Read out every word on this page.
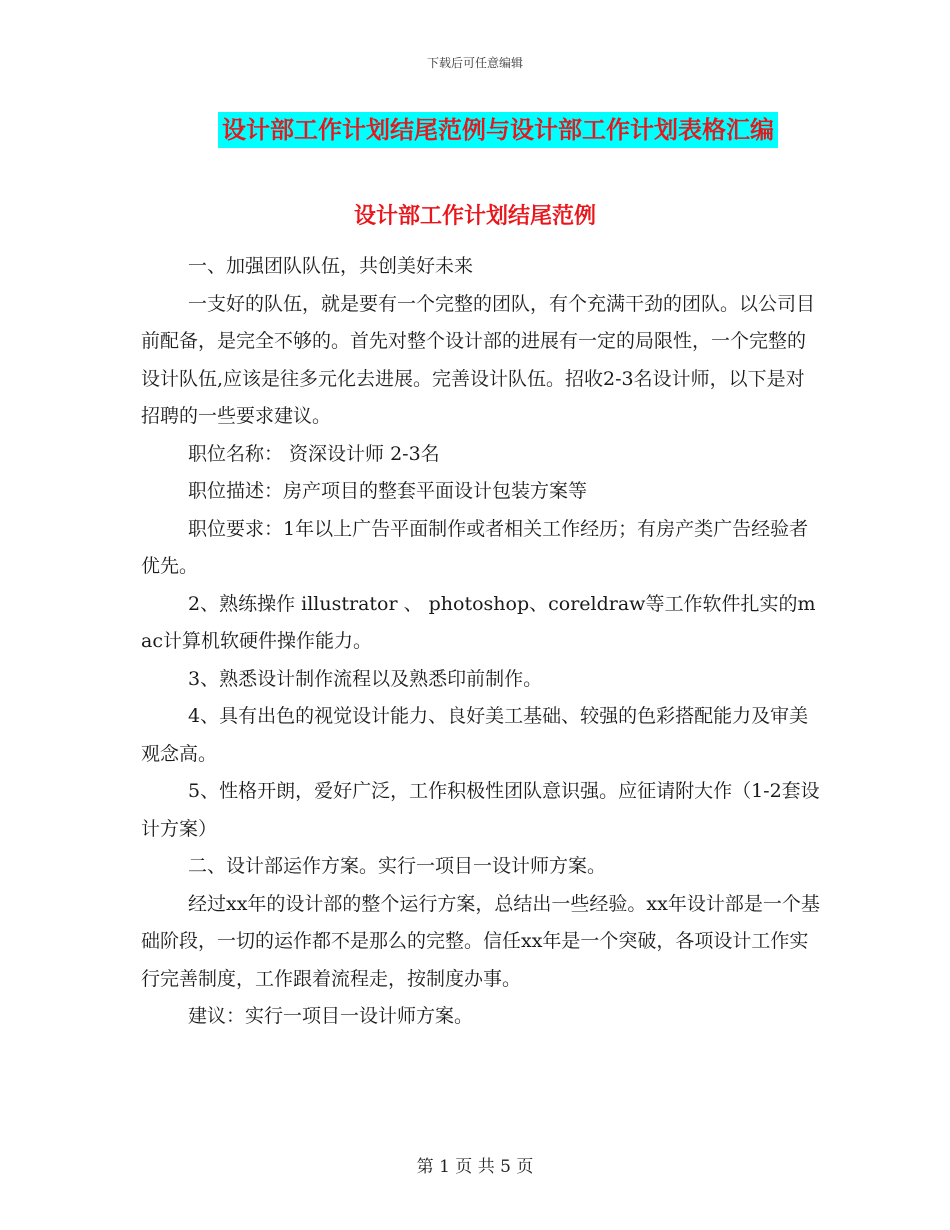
下载后可任意编辑
设计部工作计划结尾范例与设计部工作计划表格汇编
设计部工作计划结尾范例

一、加强团队队伍，共创美好未来

一支好的队伍，就是要有一个完整的团队，有个充满干劲的团队。以公司目前配备，是完全不够的。首先对整个设计部的进展有一定的局限性，一个完整的设计队伍,应该是往多元化去进展。完善设计队伍。招收2-3名设计师，以下是对招聘的一些要求建议。

职位名称： 资深设计师 2-3名

职位描述：房产项目的整套平面设计包装方案等

职位要求：1年以上广告平面制作或者相关工作经历；有房产类广告经验者优先。

2、熟练操作 illustrator 、 photoshop、coreldraw等工作软件扎实的mac计算机软硬件操作能力。

3、熟悉设计制作流程以及熟悉印前制作。

4、具有出色的视觉设计能力、良好美工基础、较强的色彩搭配能力及审美观念高。

5、性格开朗，爱好广泛，工作积极性团队意识强。应征请附大作（1-2套设计方案）

二、设计部运作方案。实行一项目一设计师方案。

经过xx年的设计部的整个运行方案，总结出一些经验。xx年设计部是一个基础阶段，一切的运作都不是那么的完整。信任xx年是一个突破，各项设计工作实行完善制度，工作跟着流程走，按制度办事。

建议：实行一项目一设计师方案。

第 1 页 共 5 页
